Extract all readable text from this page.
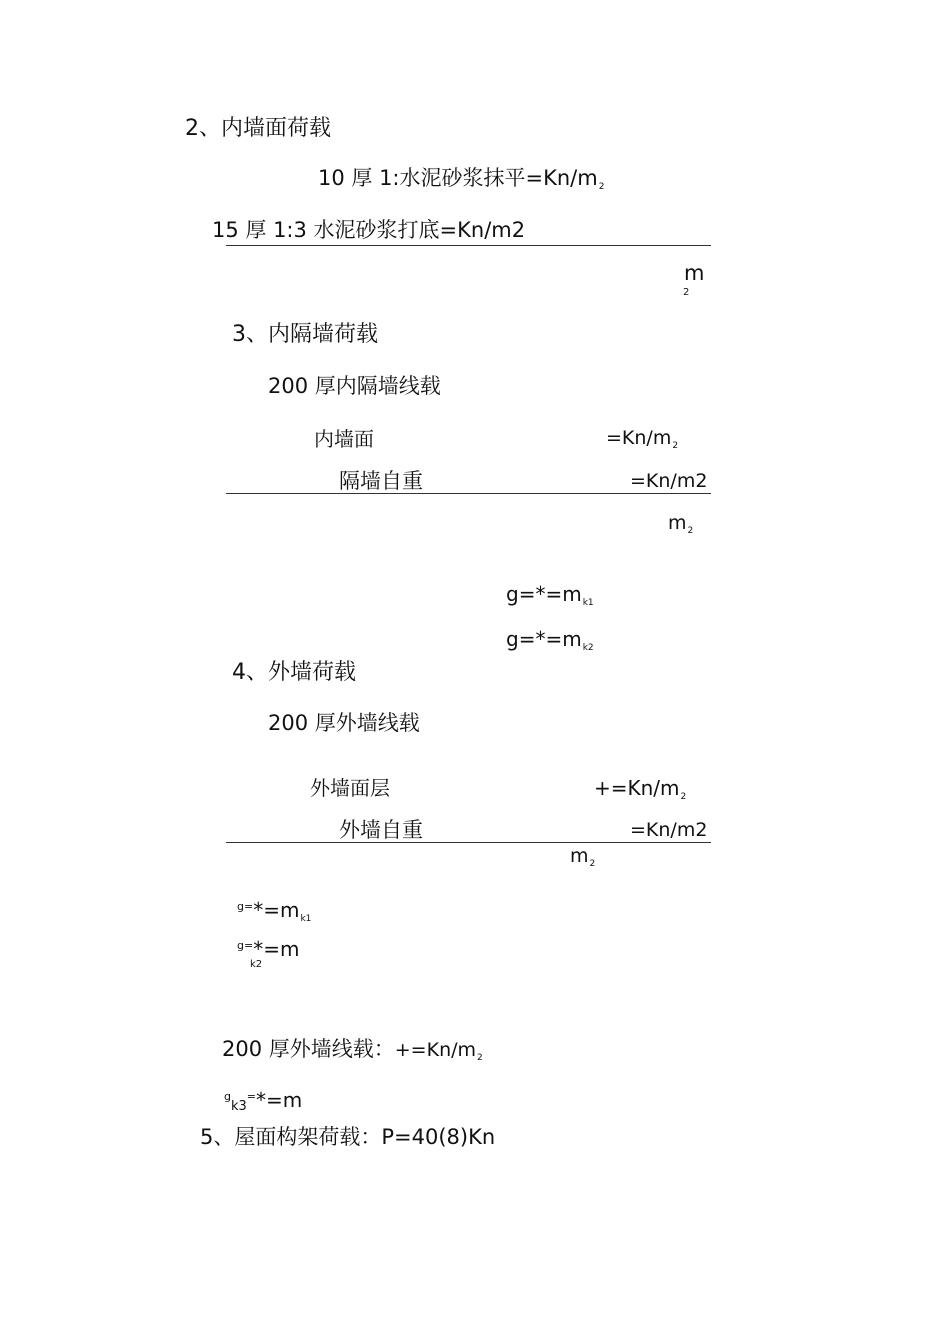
2、内墙面荷载
10 厚 1:水泥砂浆抹平=Kn/m2
15 厚 1:3 水泥砂浆打底=Kn/m2
m
2
3、内隔墙荷载
200 厚内隔墙线载
内墙面	$=Kn/m_2$
隔墙自重	=Kn/m2
$m_2$
$g=*=m_{k1}$
$g=*=m_{k2}$
4、外墙荷载
200 厚外墙线载
外墙面层	$+=Kn/m_2$
外墙自重	=Kn/m2
$m_2$
$^{g=}*=m_{k1}$
$^{g=}$*=m
k2
200 厚外墙线载：+=Kn/m2
$^g$k3=*=m
5、屋面构架荷载：P=40(8)Kn
